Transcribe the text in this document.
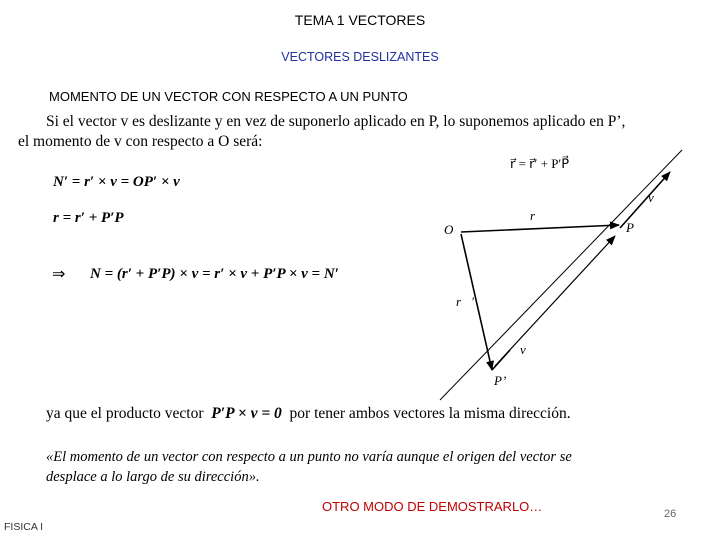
TEMA 1 VECTORES
VECTORES DESLIZANTES
MOMENTO DE UN VECTOR CON RESPECTO A UN PUNTO
Si el vector v es deslizante y en vez de suponerlo aplicado en P, lo suponemos aplicado en P’,
el momento de v con respecto a O será:
N′ = r′ × v = OP′ × v
r = r′ + P′P
⇒ N = (r′ + P′P) × v = r′ × v + P′P × v = N′
ya que el producto vector P′P × v = 0 por tener ambos vectores la misma dirección.
«El momento de un vector con respecto a un punto no varía aunque el origen del vector se
desplace a lo largo de su dirección».
OTRO MODO DE DEMOSTRARLO…	26
FISICA I
r⃗ = r⃗′ + P′P⃗
O	P
P’
r⃗
r⃗′
v⃗
v⃗
